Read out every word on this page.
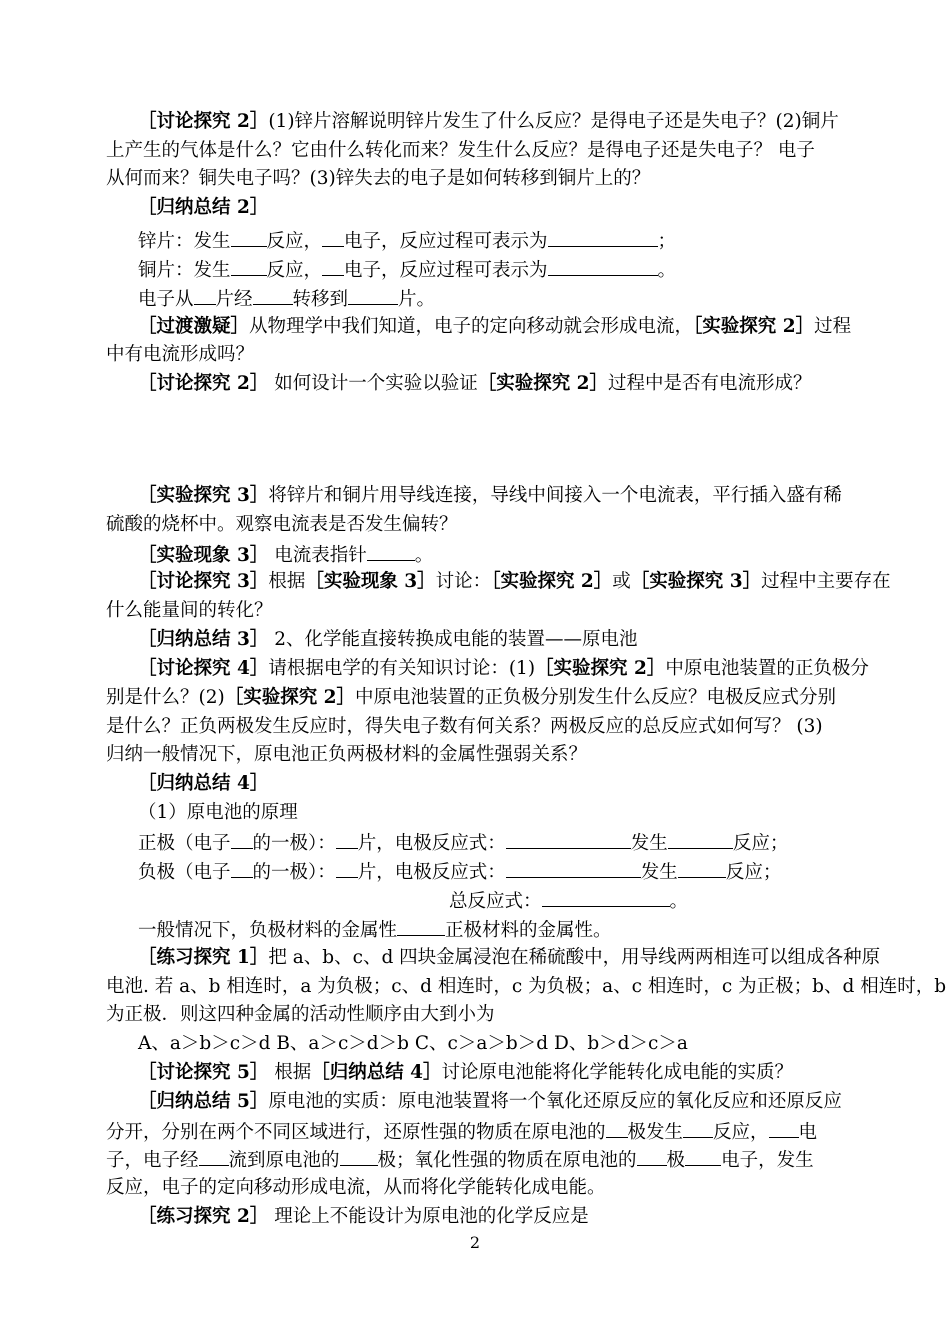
［讨论探究 2］(1)锌片溶解说明锌片发生了什么反应？是得电子还是失电子？(2)铜片
上产生的气体是什么？它由什么转化而来？发生什么反应？是得电子还是失电子？ 电子
从何而来？铜失电子吗？(3)锌失去的电子是如何转移到铜片上的？
［归纳总结 2］
锌片：发生 反应， 电子，反应过程可表示为	；
铜片：发生 反应， 电子，反应过程可表示为	。
电子从 片经 转移到	片。
［过渡激疑］从物理学中我们知道，电子的定向移动就会形成电流，［实验探究 2］过程
中有电流形成吗？
［讨论探究 2］ 如何设计一个实验以验证［实验探究 2］过程中是否有电流形成？
［实验探究 3］将锌片和铜片用导线连接，导线中间接入一个电流表，平行插入盛有稀
硫酸的烧杯中。观察电流表是否发生偏转？
［实验现象 3］ 电流表指针	。
［讨论探究 3］根据［实验现象 3］讨论：［实验探究 2］或［实验探究 3］过程中主要存在
什么能量间的转化？
［归纳总结 3］ 2、化学能直接转换成电能的装置——原电池
［讨论探究 4］请根据电学的有关知识讨论：(1)［实验探究 2］中原电池装置的正负极分
别是什么？(2)［实验探究 2］中原电池装置的正负极分别发生什么反应？电极反应式分别
是什么？正负两极发生反应时，得失电子数有何关系？两极反应的总反应式如何写？ (3)
归纳一般情况下，原电池正负两极材料的金属性强弱关系？
［归纳总结 4］
（1）原电池的原理
正极（电子 的一极）： 片，电极反应式：	发生	反应；
负极（电子 的一极）： 片，电极反应式：	发生	反应；
总反应式：	。
一般情况下，负极材料的金属性	正极材料的金属性。
［练习探究 1］把 a、b、c、d 四块金属浸泡在稀硫酸中，用导线两两相连可以组成各种原
电池. 若 a、b 相连时，a 为负极；c、d 相连时，c 为负极；a、c 相连时，c 为正极；b、d 相连时，b
为正极．则这四种金属的活动性顺序由大到小为
A、a＞b＞c＞d B、a＞c＞d＞b C、c＞a＞b＞d D、b＞d＞c＞a
［讨论探究 5］ 根据［归纳总结 4］讨论原电池能将化学能转化成电能的实质？
［归纳总结 5］原电池的实质：原电池装置将一个氧化还原反应的氧化反应和还原反应
分开，分别在两个不同区域进行，还原性强的物质在原电池的 极发生 反应， 电
子，电子经 流到原电池的 极；氧化性强的物质在原电池的 极 电子，发生
反应，电子的定向移动形成电流，从而将化学能转化成电能。
［练习探究 2］ 理论上不能设计为原电池的化学反应是
2
